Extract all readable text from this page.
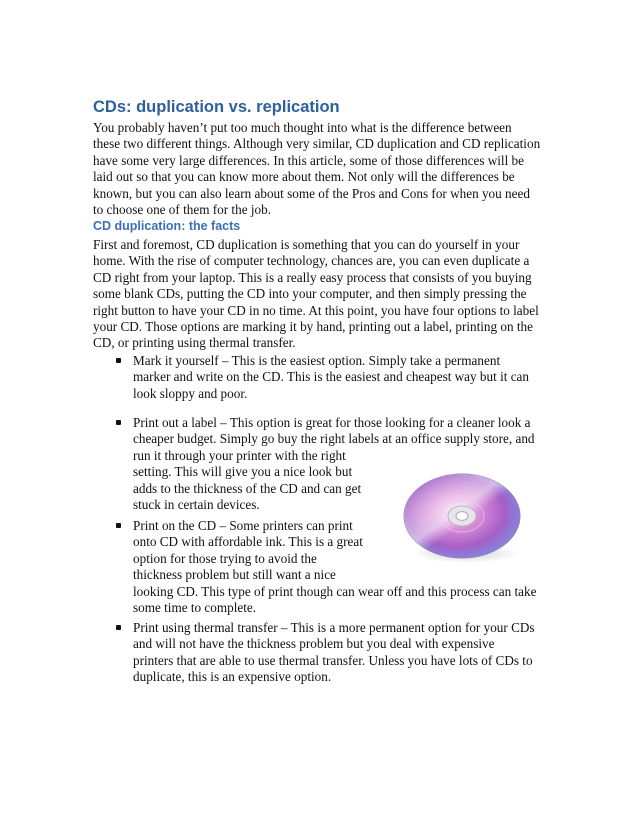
CDs: duplication vs. replication
You probably haven’t put too much thought into what is the difference between
these two different things. Although very similar, CD duplication and CD replication
have some very large differences. In this article, some of those differences will be
laid out so that you can know more about them. Not only will the differences be
known, but you can also learn about some of the Pros and Cons for when you need
to choose one of them for the job.
CD duplication: the facts
First and foremost, CD duplication is something that you can do yourself in your
home. With the rise of computer technology, chances are, you can even duplicate a
CD right from your laptop. This is a really easy process that consists of you buying
some blank CDs, putting the CD into your computer, and then simply pressing the
right button to have your CD in no time. At this point, you have four options to label
your CD. Those options are marking it by hand, printing out a label, printing on the
CD, or printing using thermal transfer.
Mark it yourself – This is the easiest option. Simply take a permanent
marker and write on the CD. This is the easiest and cheapest way but it can
look sloppy and poor.
Print out a label – This option is great for those looking for a cleaner look a
cheaper budget. Simply go buy the right labels at an office supply store, and
run it through your printer with the right
setting. This will give you a nice look but
adds to the thickness of the CD and can get
stuck in certain devices.
Print on the CD – Some printers can print
onto CD with affordable ink. This is a great
option for those trying to avoid the
thickness problem but still want a nice
looking CD. This type of print though can wear off and this process can take
some time to complete.
Print using thermal transfer – This is a more permanent option for your CDs
and will not have the thickness problem but you deal with expensive
printers that are able to use thermal transfer. Unless you have lots of CDs to
duplicate, this is an expensive option.
